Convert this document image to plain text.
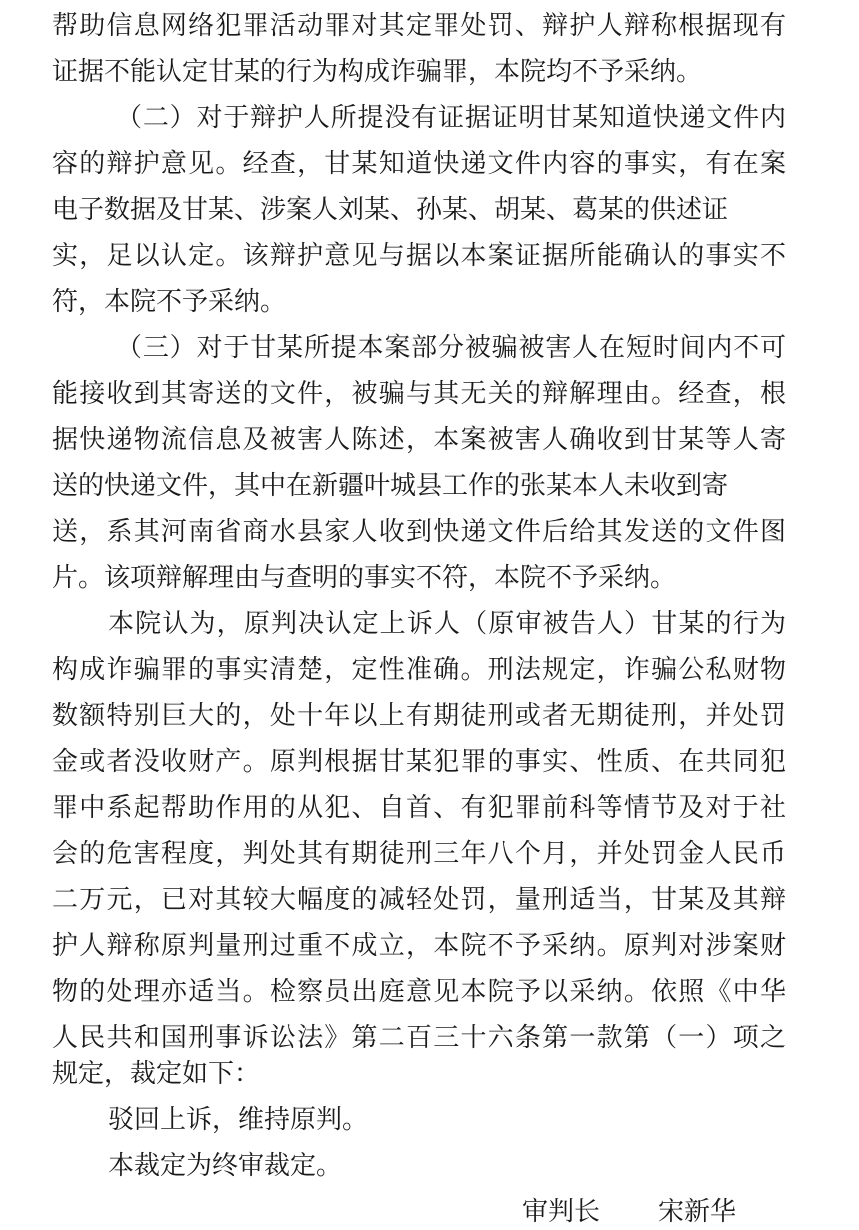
帮助信息网络犯罪活动罪对其定罪处罚、辩护人辩称根据现有

证据不能认定甘某的行为构成诈骗罪，本院均不予采纳。

（二）对于辩护人所提没有证据证明甘某知道快递文件内

容的辩护意见。经查，甘某知道快递文件内容的事实，有在案

电子数据及甘某、涉案人刘某、孙某、胡某、葛某的供述证

实，足以认定。该辩护意见与据以本案证据所能确认的事实不

符，本院不予采纳。

（三）对于甘某所提本案部分被骗被害人在短时间内不可

能接收到其寄送的文件，被骗与其无关的辩解理由。经查，根

据快递物流信息及被害人陈述，本案被害人确收到甘某等人寄

送的快递文件，其中在新疆叶城县工作的张某本人未收到寄

送，系其河南省商水县家人收到快递文件后给其发送的文件图

片。该项辩解理由与查明的事实不符，本院不予采纳。

本院认为，原判决认定上诉人（原审被告人）甘某的行为

构成诈骗罪的事实清楚，定性准确。刑法规定，诈骗公私财物

数额特别巨大的，处十年以上有期徒刑或者无期徒刑，并处罚

金或者没收财产。原判根据甘某犯罪的事实、性质、在共同犯

罪中系起帮助作用的从犯、自首、有犯罪前科等情节及对于社

会的危害程度，判处其有期徒刑三年八个月，并处罚金人民币

二万元，已对其较大幅度的减轻处罚，量刑适当，甘某及其辩

护人辩称原判量刑过重不成立，本院不予采纳。原判对涉案财

物的处理亦适当。检察员出庭意见本院予以采纳。依照《中华

人民共和国刑事诉讼法》第二百三十六条第一款第（一）项之

规定，裁定如下：

驳回上诉，维持原判。

本裁定为终审裁定。

审判长 宋新华
